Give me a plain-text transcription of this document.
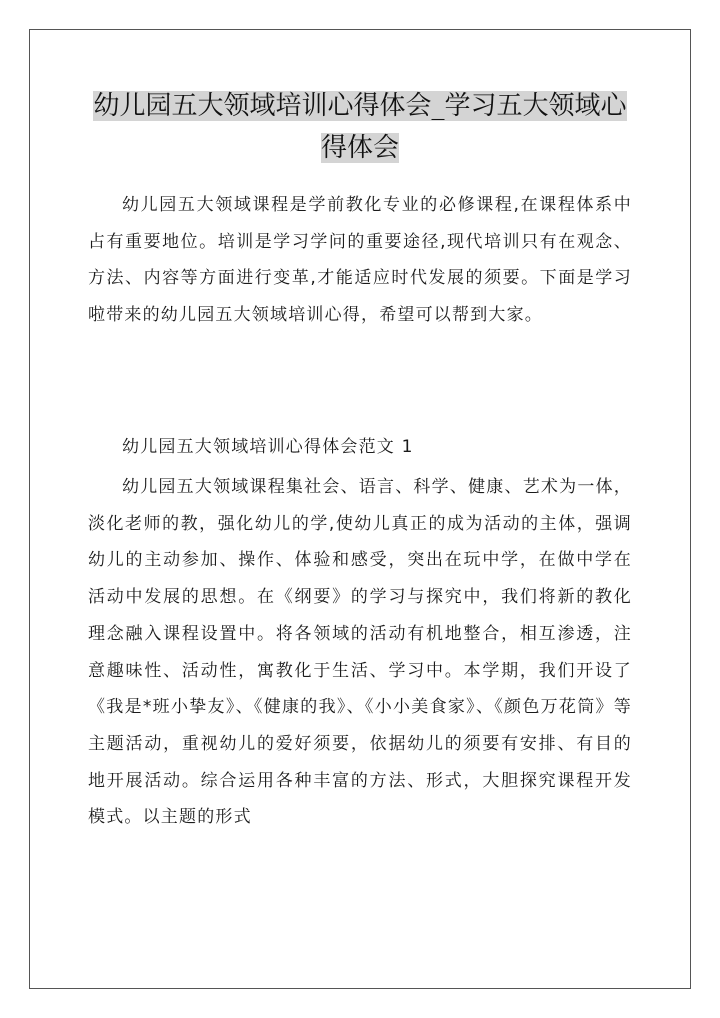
幼儿园五大领域培训心得体会_学习五大领域心
得体会

幼儿园五大领域课程是学前教化专业的必修课程,在课程体系中占有重要地位。培训是学习学问的重要途径,现代培训只有在观念、方法、内容等方面进行变革,才能适应时代发展的须要。下面是学习啦带来的幼儿园五大领域培训心得，希望可以帮到大家。

幼儿园五大领域培训心得体会范文 1

幼儿园五大领域课程集社会、语言、科学、健康、艺术为一体，淡化老师的教，强化幼儿的学,使幼儿真正的成为活动的主体，强调幼儿的主动参加、操作、体验和感受，突出在玩中学，在做中学在活动中发展的思想。在《纲要》的学习与探究中，我们将新的教化理念融入课程设置中。将各领域的活动有机地整合，相互渗透，注意趣味性、活动性，寓教化于生活、学习中。本学期，我们开设了《我是*班小挚友》、《健康的我》、《小小美食家》、《颜色万花筒》等主题活动，重视幼儿的爱好须要，依据幼儿的须要有安排、有目的地开展活动。综合运用各种丰富的方法、形式，大胆探究课程开发模式。以主题的形式
